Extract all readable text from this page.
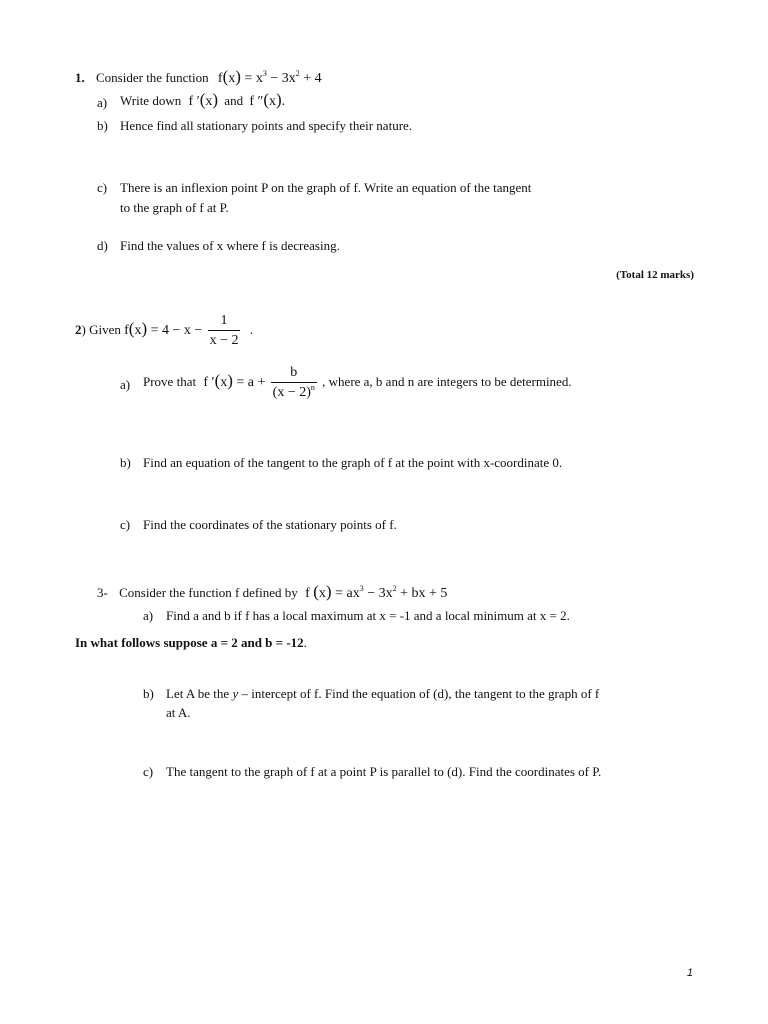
1. Consider the function $f(x) = x^3 - 3x^2 + 4$
a) Write down f ′(x) and f ″(x).
b) Hence find all stationary points and specify their nature.
c) There is an inflexion point P on the graph of f. Write an equation of the tangent
to the graph of f at P.
d) Find the values of x where f is decreasing.
(Total 12 marks)
2) Given $f(x) = 4 - x - \frac{1}{x - 2}$ .
a) Prove that f $'(x) = a + \frac{b}{(x - 2)^n}$ , where a, b and n are integers to be determined.
b) Find an equation of the tangent to the graph of f at the point with x-coordinate 0.
c) Find the coordinates of the stationary points of f.
3- Consider the function f defined by f $(x) = ax^3 - 3x^2$ + bx + 5
a) Find a and b if f has a local maximum at x = -1 and a local minimum at x = 2.
In what follows suppose a = 2 and b = -12.
b) Let A be the y – intercept of f. Find the equation of (d), the tangent to the graph of f
at A.
c) The tangent to the graph of f at a point P is parallel to (d). Find the coordinates of P.
1
